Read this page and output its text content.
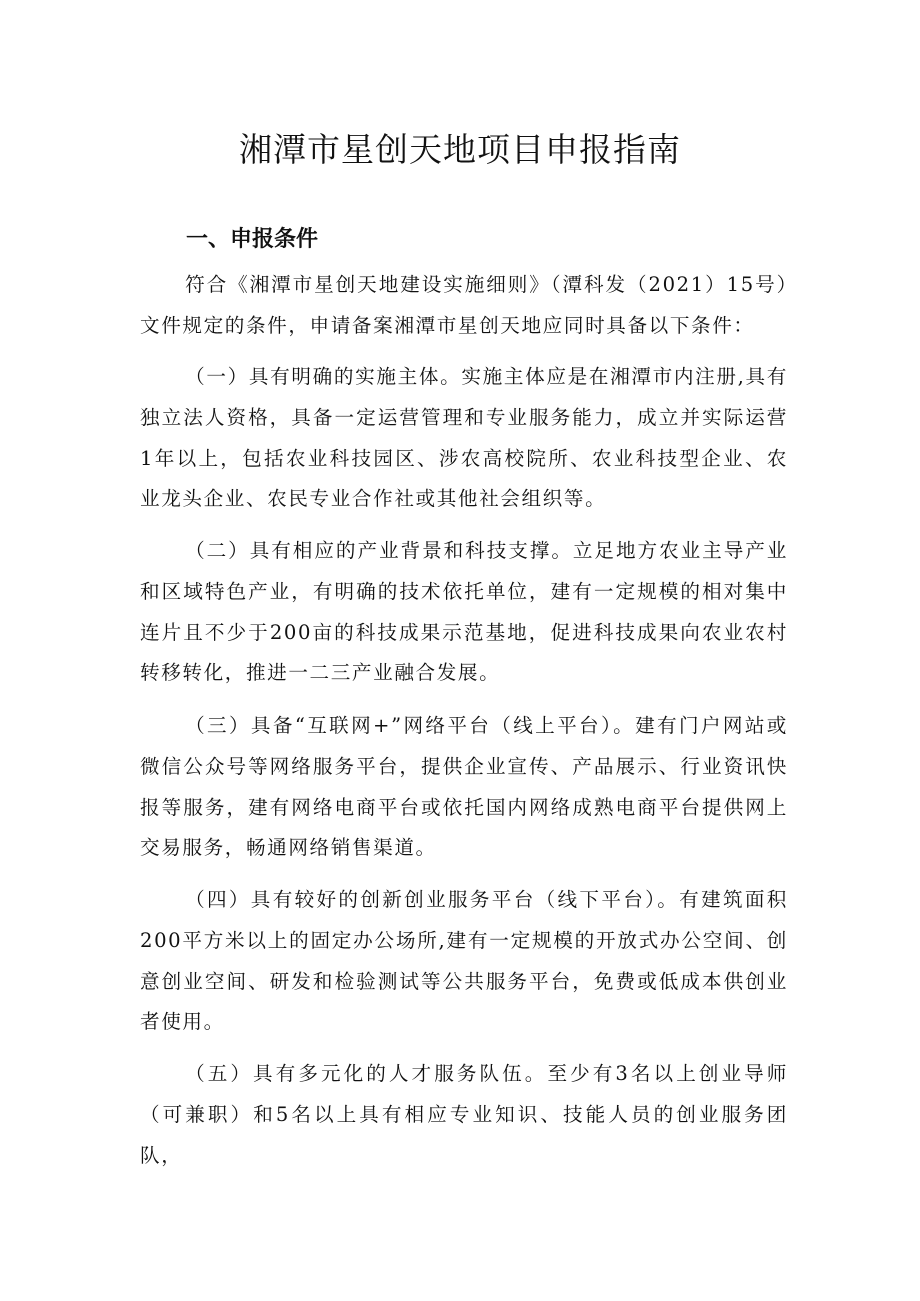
湘潭市星创天地项目申报指南
一、申报条件

符合《湘潭市星创天地建设实施细则》（潭科发（2021）15号）文件规定的条件，申请备案湘潭市星创天地应同时具备以下条件：

（一）具有明确的实施主体。实施主体应是在湘潭市内注册,具有独立法人资格，具备一定运营管理和专业服务能力，成立并实际运营1年以上，包括农业科技园区、涉农高校院所、农业科技型企业、农业龙头企业、农民专业合作社或其他社会组织等。

（二）具有相应的产业背景和科技支撑。立足地方农业主导产业和区域特色产业，有明确的技术依托单位，建有一定规模的相对集中连片且不少于200亩的科技成果示范基地，促进科技成果向农业农村转移转化，推进一二三产业融合发展。

（三）具备“互联网+”网络平台（线上平台）。建有门户网站或微信公众号等网络服务平台，提供企业宣传、产品展示、行业资讯快报等服务，建有网络电商平台或依托国内网络成熟电商平台提供网上交易服务，畅通网络销售渠道。

（四）具有较好的创新创业服务平台（线下平台）。有建筑面积200平方米以上的固定办公场所,建有一定规模的开放式办公空间、创意创业空间、研发和检验测试等公共服务平台，免费或低成本供创业者使用。

（五）具有多元化的人才服务队伍。至少有3名以上创业导师（可兼职）和5名以上具有相应专业知识、技能人员的创业服务团队，
